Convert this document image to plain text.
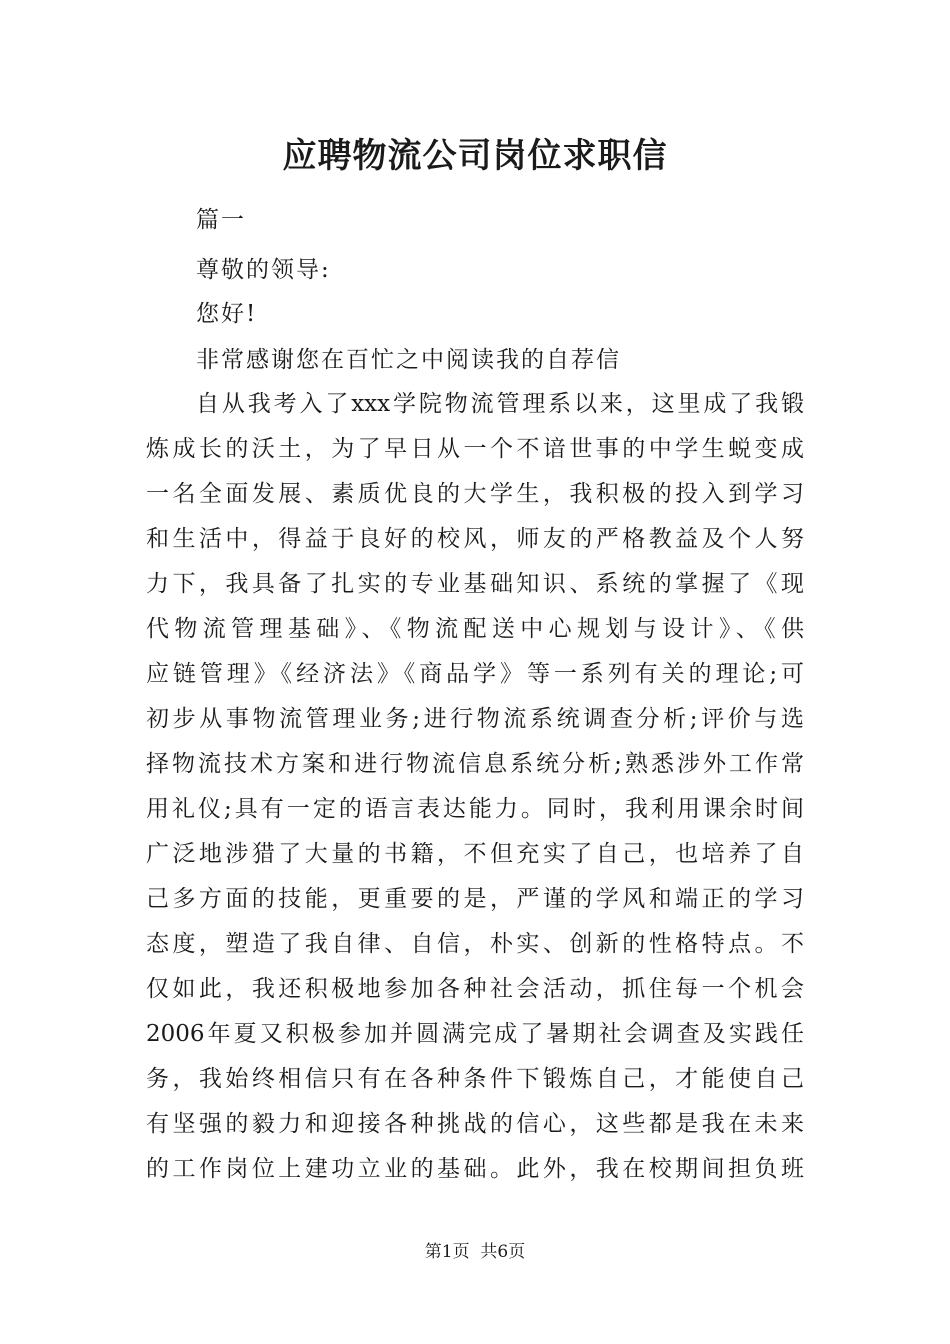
应聘物流公司岗位求职信
篇一
尊敬的领导:
您好!
非常感谢您在百忙之中阅读我的自荐信
自从我考入了xxx学院物流管理系以来，这里成了我锻
炼成长的沃土，为了早日从一个不谙世事的中学生蜕变成
一名全面发展、素质优良的大学生，我积极的投入到学习
和生活中，得益于良好的校风，师友的严格教益及个人努
力下，我具备了扎实的专业基础知识、系统的掌握了《现
代物流管理基础》、《物流配送中心规划与设计》、《供
应链管理》《经济法》《商品学》等一系列有关的理论;可
初步从事物流管理业务;进行物流系统调查分析;评价与选
择物流技术方案和进行物流信息系统分析;熟悉涉外工作常
用礼仪;具有一定的语言表达能力。同时，我利用课余时间
广泛地涉猎了大量的书籍，不但充实了自己，也培养了自
己多方面的技能，更重要的是，严谨的学风和端正的学习
态度，塑造了我自律、自信，朴实、创新的性格特点。不
仅如此，我还积极地参加各种社会活动，抓住每一个机会
2006年夏又积极参加并圆满完成了暑期社会调查及实践任
务，我始终相信只有在各种条件下锻炼自己，才能使自己
有坚强的毅力和迎接各种挑战的信心，这些都是我在未来
的工作岗位上建功立业的基础。此外，我在校期间担负班
第1页  共6页
